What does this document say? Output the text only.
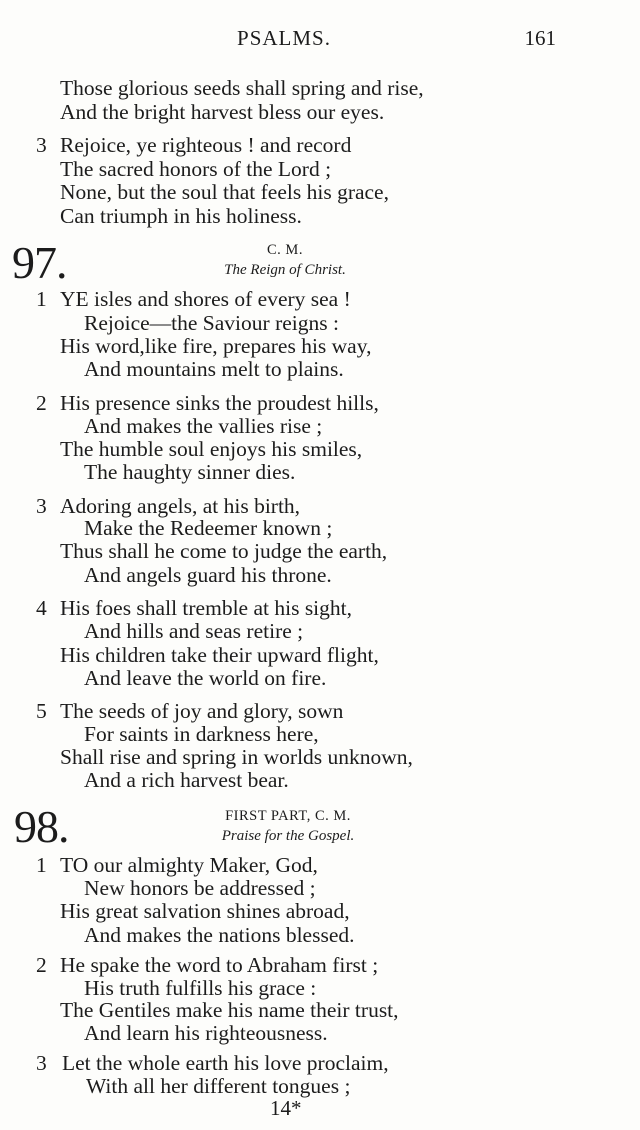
PSALMS.	161
Those glorious seeds shall spring and rise,
And the bright harvest bless our eyes.
3 Rejoice, ye righteous ! and record
The sacred honors of the Lord ;
None, but the soul that feels his grace,
Can triumph in his holiness.
97.	C. M.
The Reign of Christ.
1 YE isles and shores of every sea !
Rejoice—the Saviour reigns :
His word,like fire, prepares his way,
And mountains melt to plains.
2 His presence sinks the proudest hills,
And makes the vallies rise ;
The humble soul enjoys his smiles,
The haughty sinner dies.
3 Adoring angels, at his birth,
Make the Redeemer known ;
Thus shall he come to judge the earth,
And angels guard his throne.
4 His foes shall tremble at his sight,
And hills and seas retire ;
His children take their upward flight,
And leave the world on fire.
5 The seeds of joy and glory, sown
For saints in darkness here,
Shall rise and spring in worlds unknown,
And a rich harvest bear.
98.	FIRST PART, C. M.
Praise for the Gospel.
1 TO our almighty Maker, God,
New honors be addressed ;
His great salvation shines abroad,
And makes the nations blessed.
2 He spake the word to Abraham first ;
His truth fulfills his grace :
The Gentiles make his name their trust,
And learn his righteousness.
3 Let the whole earth his love proclaim,
With all her different tongues ;
14*
